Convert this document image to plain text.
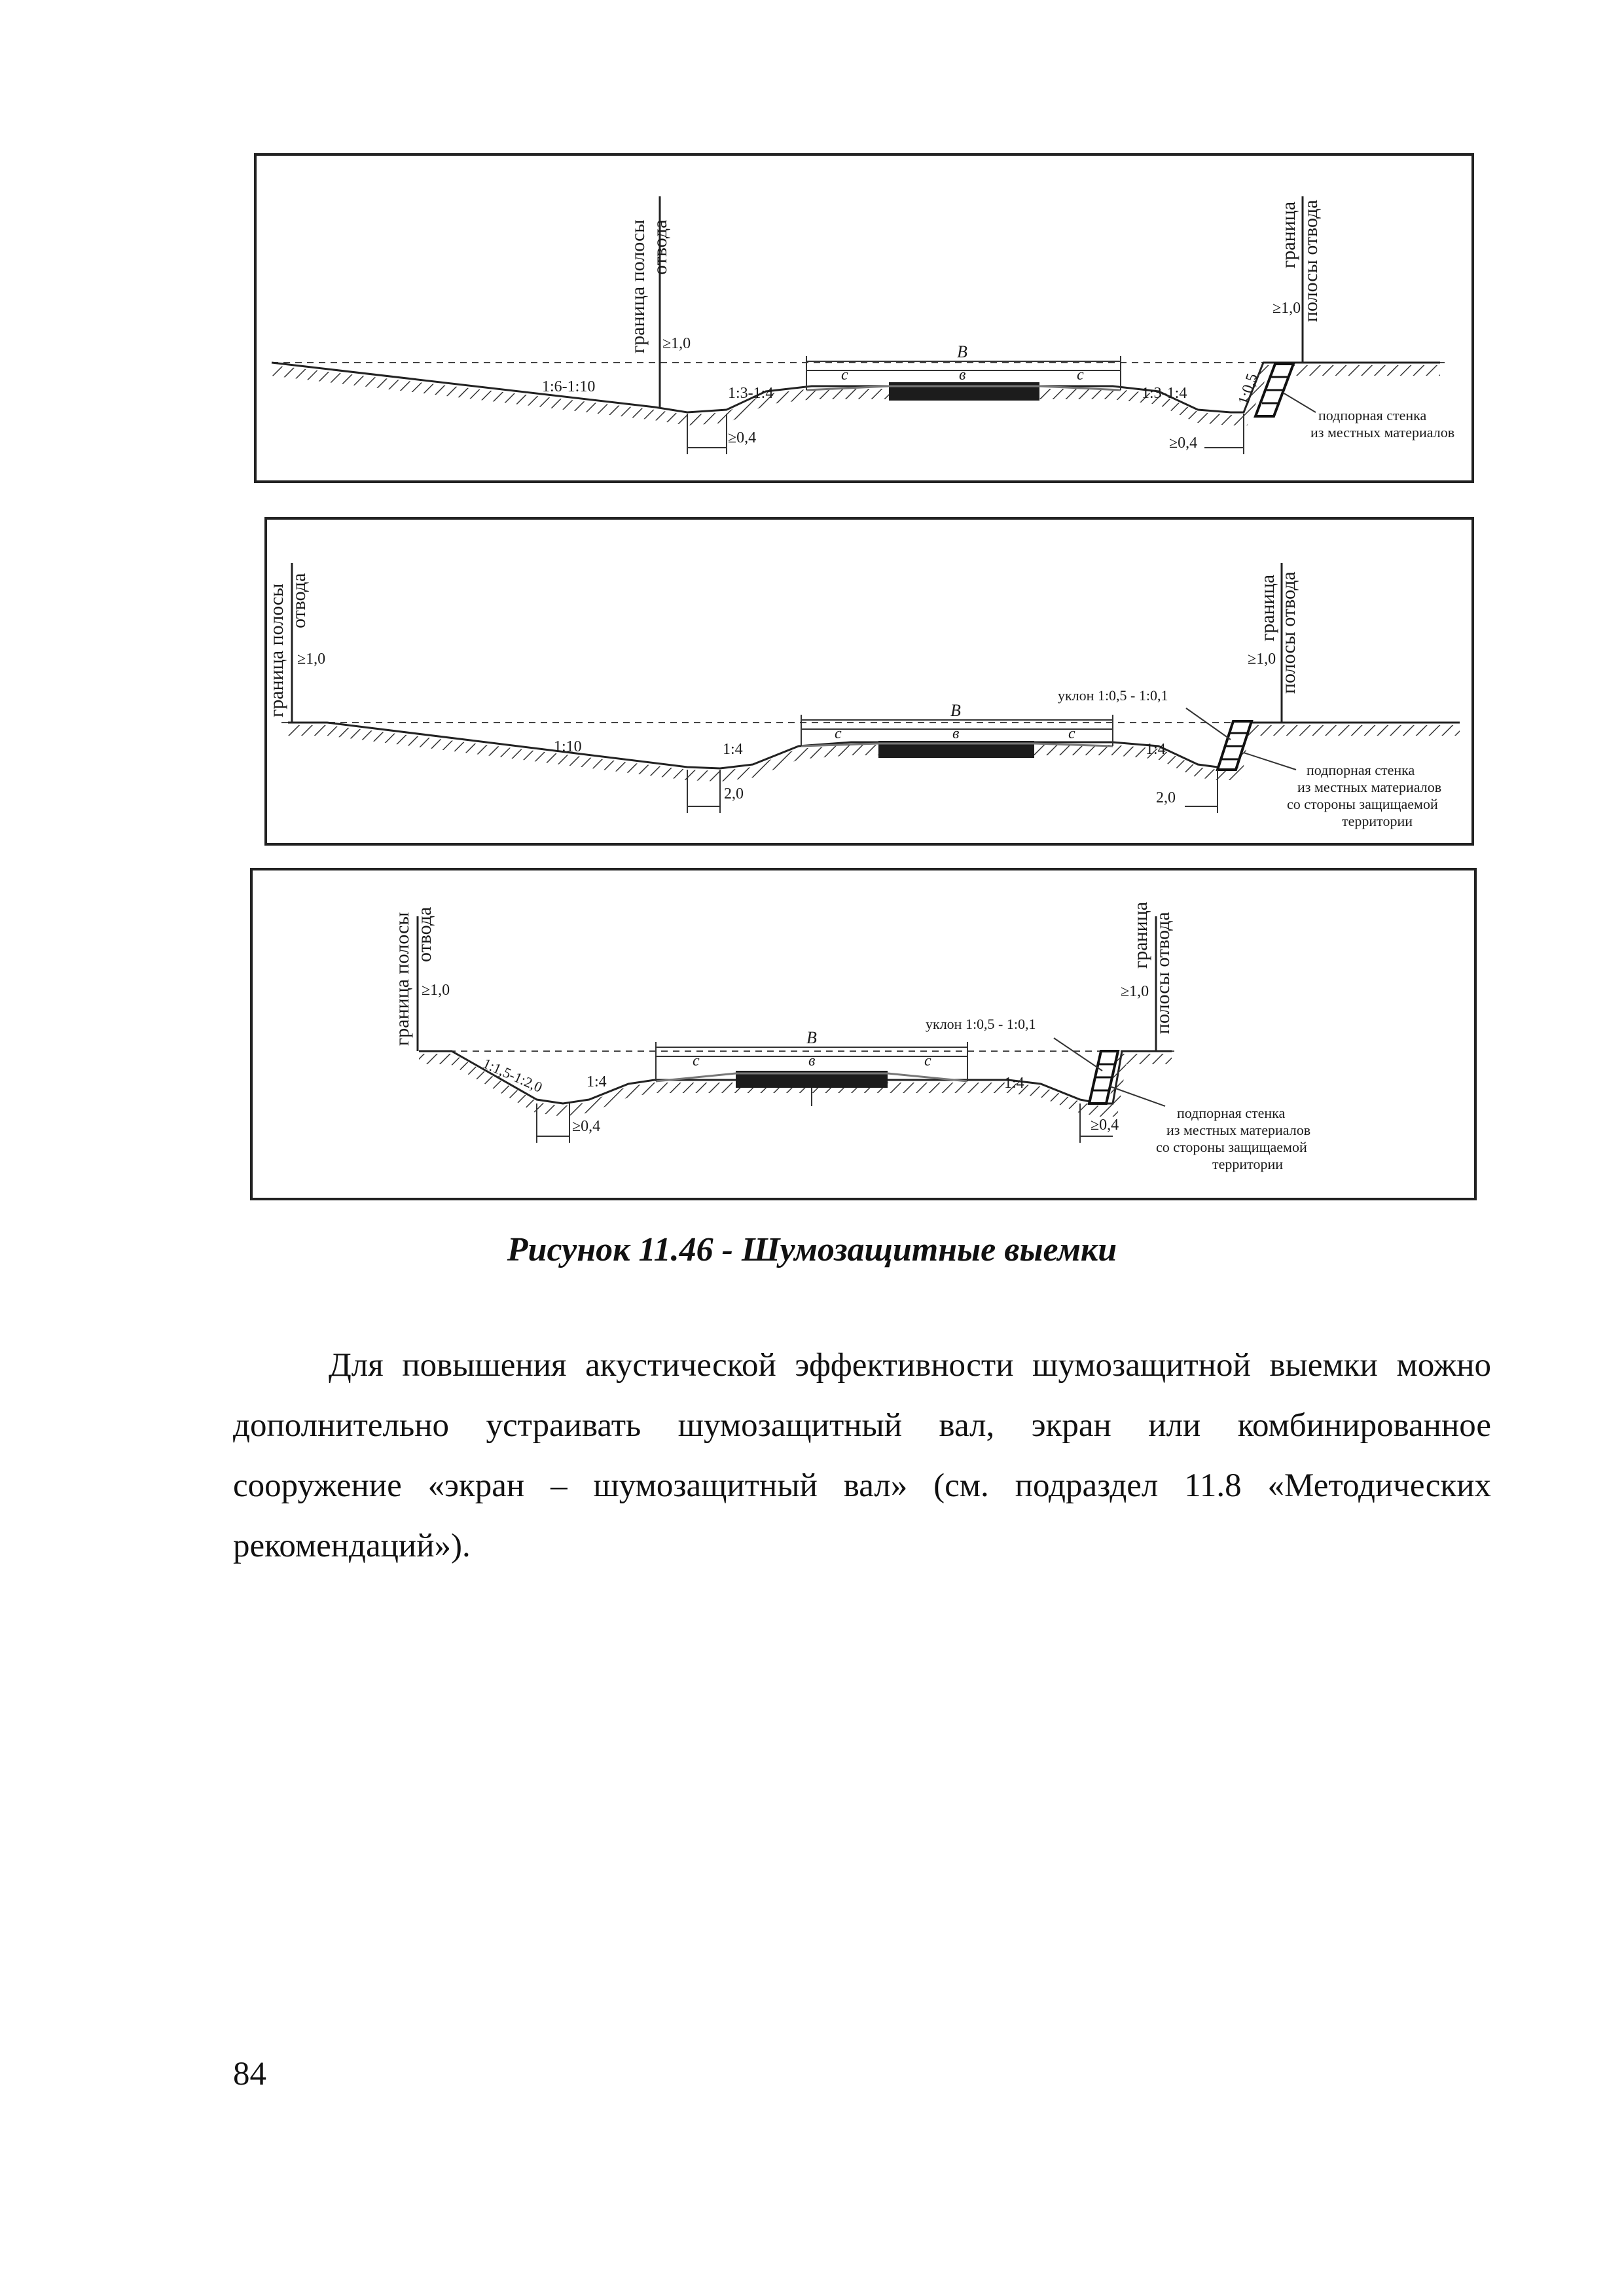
граница полосы отвода	граница полосы отвода
≥1,0
≥1,0
B
c	в	c
1:6-1:10	1:3-1:4	1:3-1:4	1:0,5
≥0,4	≥0,4
подпорная стенка
из местных материалов
граница полосы отвода	граница полосы отвода
≥1,0	≥1,0
B
c	в	c
1:10	1:4	1:4
уклон 1:0,5 - 1:0,1
2,0	2,0
подпорная стенка
из местных материалов
со стороны защищаемой
территории
граница полосы отвода	граница полосы отвода
≥1,0	≥1,0
B
c	в	c
1:1,5-1:2,0	1:4	1:4
уклон 1:0,5 - 1:0,1
≥0,4	≥0,4
подпорная стенка
из местных материалов
со стороны защищаемой
территории
Рисунок 11.46 - Шумозащитные выемки

Для повышения акустической эффективности шумозащитной выемки можно дополнительно устраивать шумозащитный вал, экран или комбинированное сооружение «экран – шумозащитный вал» (см. подраздел 11.8 «Методических рекомендаций»).

84
